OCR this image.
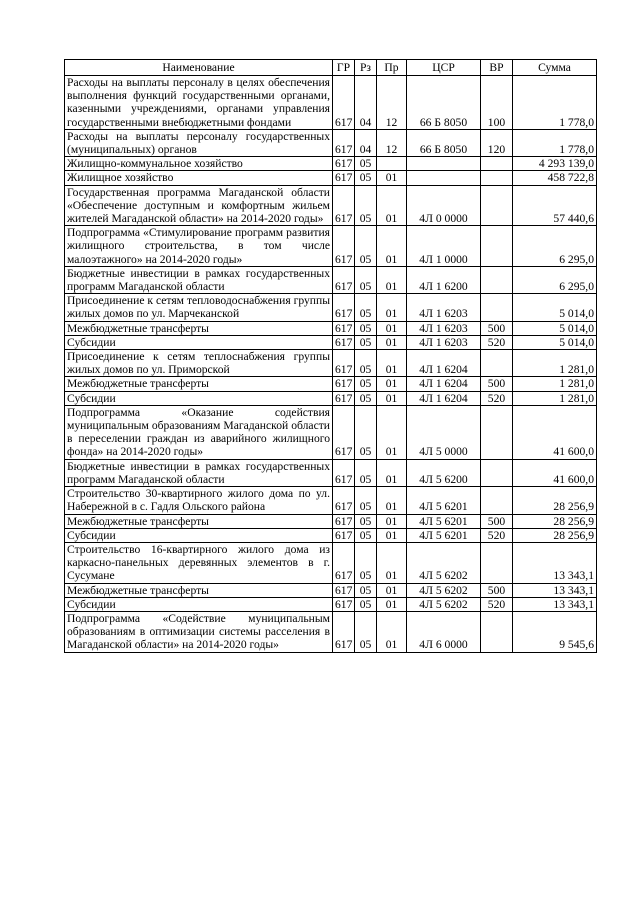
Наименование	ГР	Рз	Пр	ЦСР	ВР	Сумма
Расходы на выплаты персоналу в целях обеспечения выполнения функций государственными органами, казенными учреждениями, органами управления государственными внебюджетными фондами	617	04	12	66 Б 8050	100	1 778,0
Расходы на выплаты персоналу государственных (муниципальных) органов	617	04	12	66 Б 8050	120	1 778,0
Жилищно-коммунальное хозяйство	617	05				4 293 139,0
Жилищное хозяйство	617	05	01			458 722,8
Государственная программа Магаданской области «Обеспечение доступным и комфортным жильем жителей Магаданской области» на 2014-2020 годы»	617	05	01	4Л 0 0000		57 440,6
Подпрограмма «Стимулирование программ развития жилищного строительства, в том числе малоэтажного» на 2014-2020 годы»	617	05	01	4Л 1 0000		6 295,0
Бюджетные инвестиции в рамках государственных программ Магаданской области	617	05	01	4Л 1 6200		6 295,0
Присоединение к сетям тепловодоснабжения группы жилых домов по ул. Марчеканской	617	05	01	4Л 1 6203		5 014,0
Межбюджетные трансферты	617	05	01	4Л 1 6203	500	5 014,0
Субсидии	617	05	01	4Л 1 6203	520	5 014,0
Присоединение к сетям теплоснабжения группы жилых домов по ул. Приморской	617	05	01	4Л 1 6204		1 281,0
Межбюджетные трансферты	617	05	01	4Л 1 6204	500	1 281,0
Субсидии	617	05	01	4Л 1 6204	520	1 281,0
Подпрограмма «Оказание содействия муниципальным образованиям Магаданской области в переселении граждан из аварийного жилищного фонда» на 2014-2020 годы»	617	05	01	4Л 5 0000		41 600,0
Бюджетные инвестиции в рамках государственных программ Магаданской области	617	05	01	4Л 5 6200		41 600,0
Строительство 30-квартирного жилого дома по ул. Набережной в с. Гадля Ольского района	617	05	01	4Л 5 6201		28 256,9
Межбюджетные трансферты	617	05	01	4Л 5 6201	500	28 256,9
Субсидии	617	05	01	4Л 5 6201	520	28 256,9
Строительство 16-квартирного жилого дома из каркасно-панельных деревянных элементов в г. Сусумане	617	05	01	4Л 5 6202		13 343,1
Межбюджетные трансферты	617	05	01	4Л 5 6202	500	13 343,1
Субсидии	617	05	01	4Л 5 6202	520	13 343,1
Подпрограмма «Содействие муниципальным образованиям в оптимизации системы расселения в Магаданской области» на 2014-2020 годы»	617	05	01	4Л 6 0000		9 545,6
